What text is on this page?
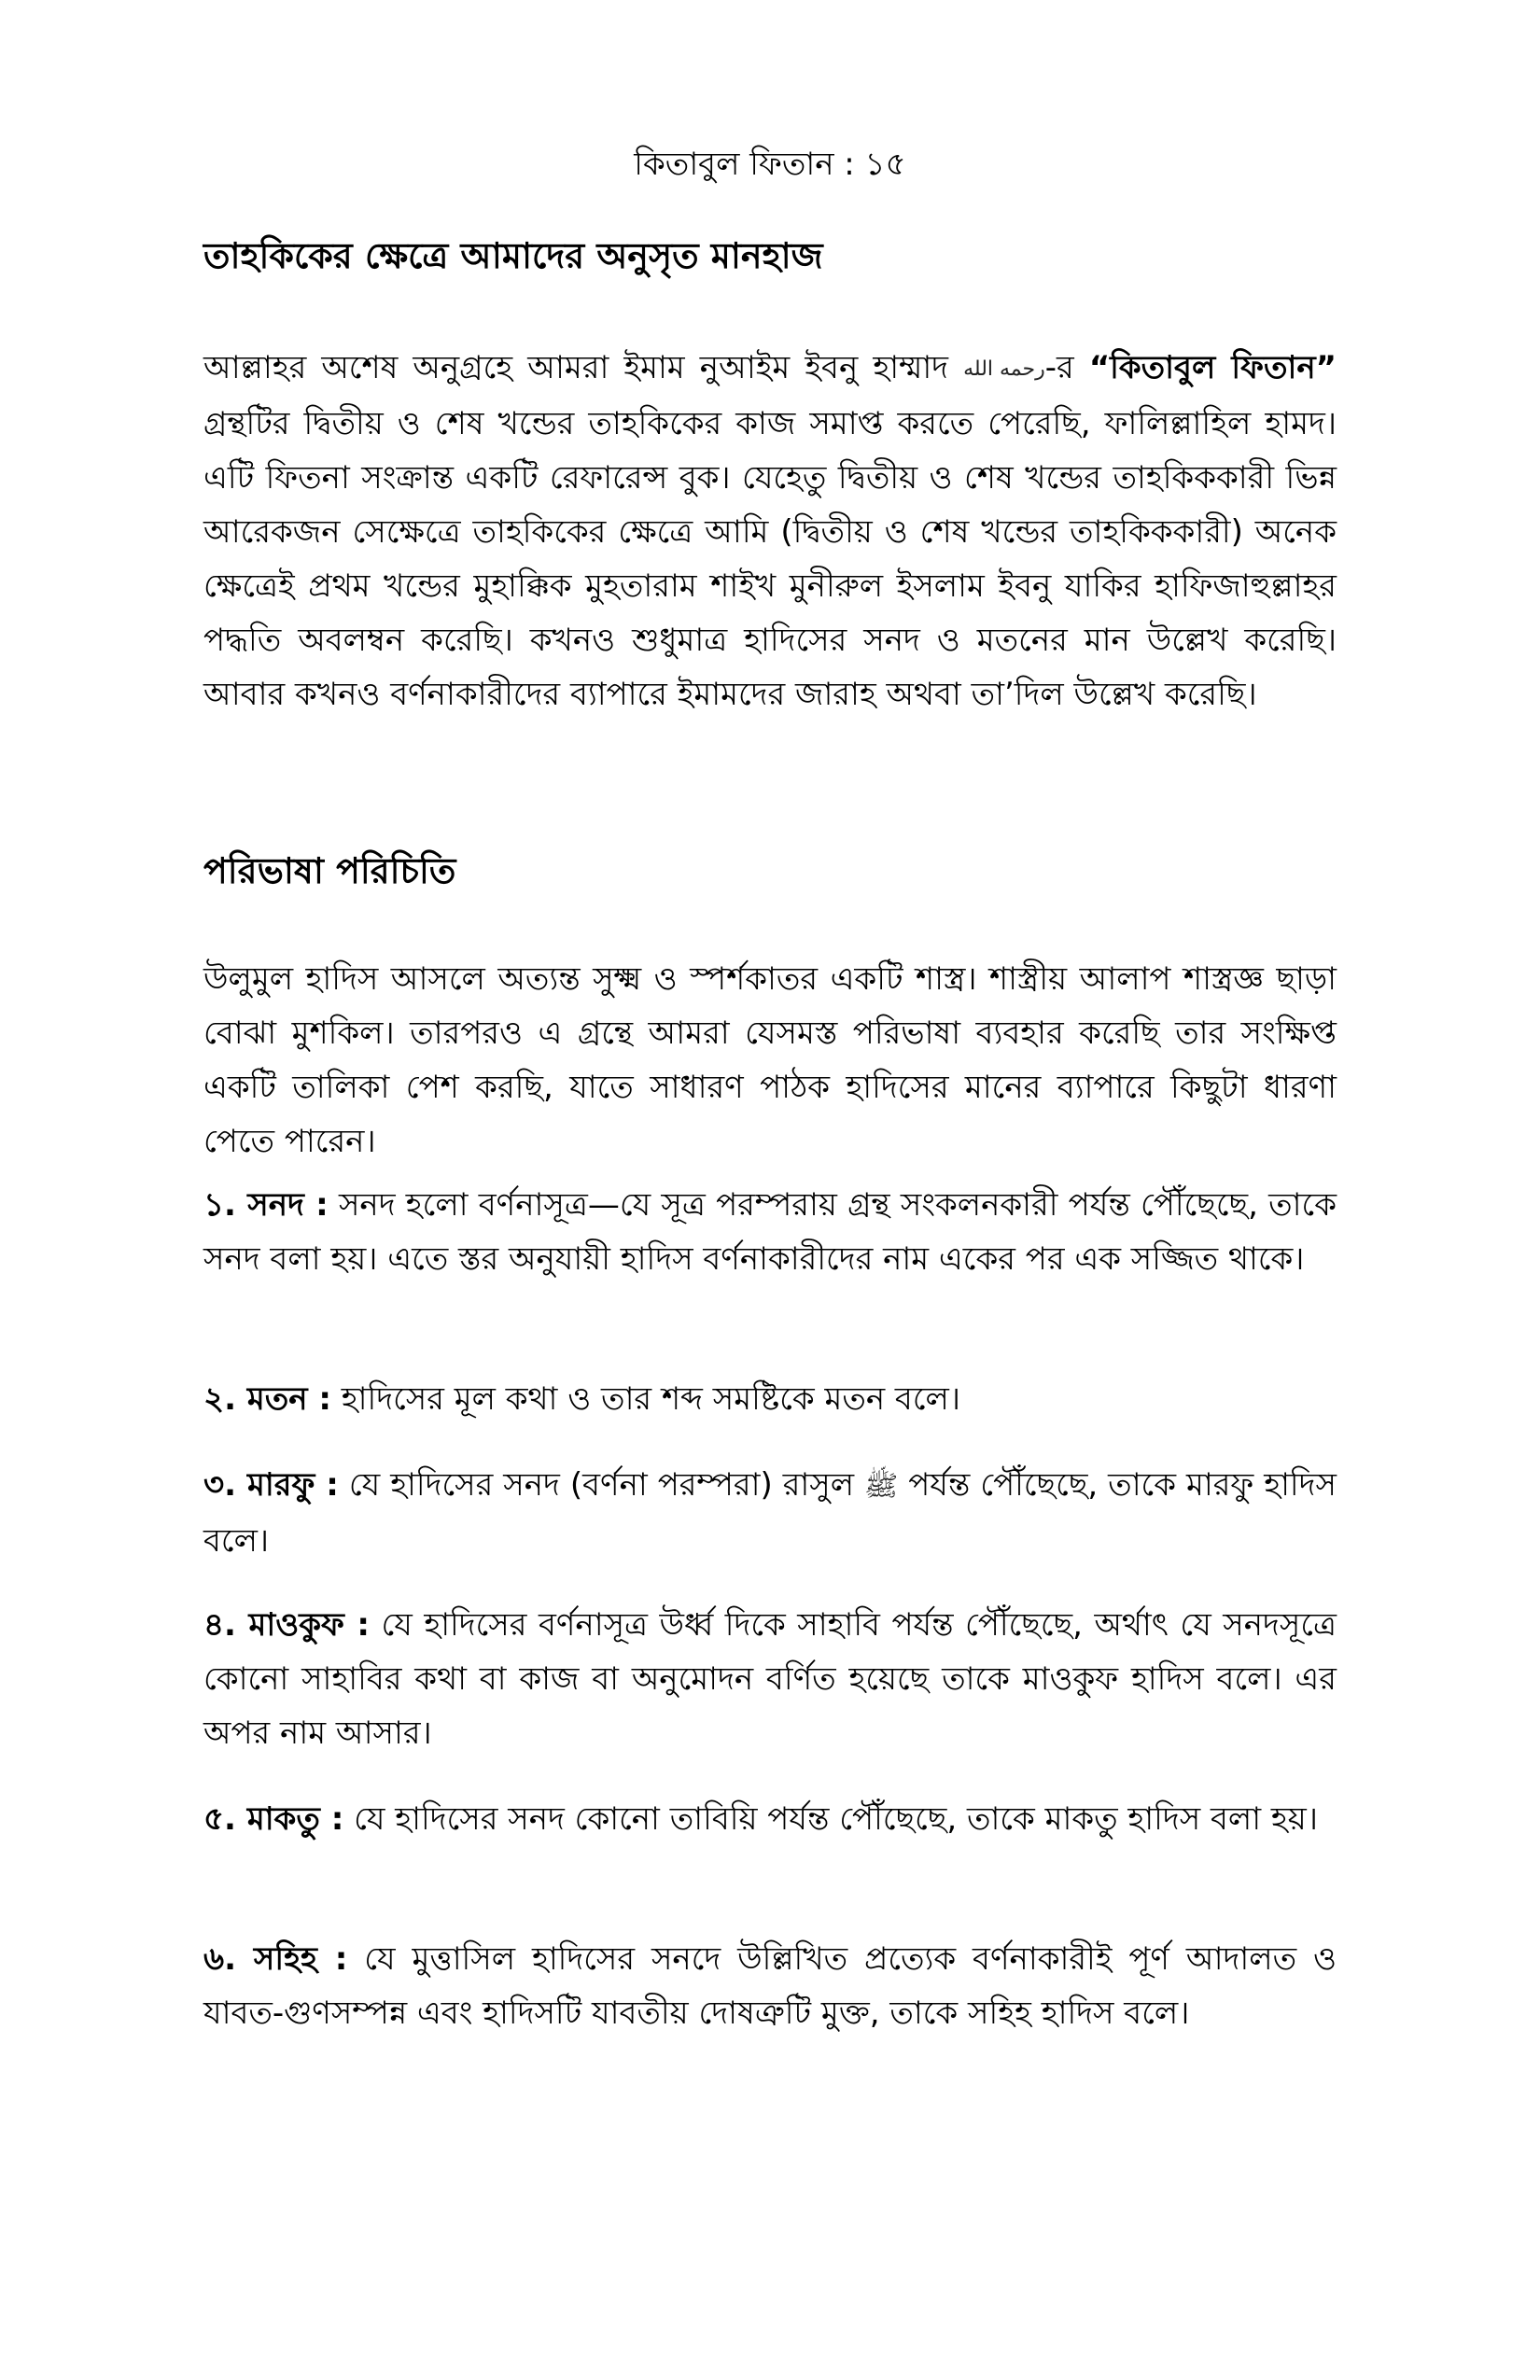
কিতাবুল ফিতান : ১৫
তাহকিকের ক্ষেত্রে আমাদের অনুসৃত মানহাজ

আল্লাহর অশেষ অনুগ্রহে আমরা ইমাম নুআইম ইবনু হাম্মাদ رحمه الله-র “কিতাবুল ফিতান” গ্রন্থটির দ্বিতীয় ও শেষ খন্ডের তাহকিকের কাজ সমাপ্ত করতে পেরেছি, ফালিল্লাহিল হামদ। এটি ফিতনা সংক্রান্ত একটি রেফারেন্স বুক। যেহেতু দ্বিতীয় ও শেষ খন্ডের তাহকিককারী ভিন্ন আরেকজন সেক্ষেত্রে তাহকিকের ক্ষেত্রে আমি (দ্বিতীয় ও শেষ খন্ডের তাহকিককারী) অনেক ক্ষেত্রেই প্রথম খন্ডের মুহাক্কিক মুহতারাম শাইখ মুনীরুল ইসলাম ইবনু যাকির হাফিজাহুল্লাহর পদ্ধতি অবলম্বন করেছি। কখনও শুধুমাত্র হাদিসের সনদ ও মতনের মান উল্লেখ করেছি। আবার কখনও বর্ণনাকারীদের ব্যাপারে ইমামদের জারাহ অথবা তা’দিল উল্লেখ করেছি।

পরিভাষা পরিচিতি

উলুমুল হাদিস আসলে অত্যন্ত সুক্ষ্ম ও স্পর্শকাতর একটি শাস্ত্র। শাস্ত্রীয় আলাপ শাস্ত্রজ্ঞ ছাড়া বোঝা মুশকিল। তারপরও এ গ্রন্থে আমরা যেসমস্ত পরিভাষা ব্যবহার করেছি তার সংক্ষিপ্ত একটি তালিকা পেশ করছি, যাতে সাধারণ পাঠক হাদিসের মানের ব্যাপারে কিছুটা ধারণা পেতে পারেন।

১. সনদ : সনদ হলো বর্ণনাসূত্র—যে সূত্র পরম্পরায় গ্রন্থ সংকলনকারী পর্যন্ত পৌঁছেছে, তাকে সনদ বলা হয়। এতে স্তর অনুযায়ী হাদিস বর্ণনাকারীদের নাম একের পর এক সজ্জিত থাকে।

২. মতন : হাদিসের মূল কথা ও তার শব্দ সমষ্টিকে মতন বলে।

৩. মারফু : যে হাদিসের সনদ (বর্ণনা পরম্পরা) রাসুল ﷺ পর্যন্ত পৌঁছেছে, তাকে মারফু হাদিস বলে।

৪. মাওকুফ : যে হাদিসের বর্ণনাসূত্র উর্ধ্ব দিকে সাহাবি পর্যন্ত পৌঁছেছে, অর্থাৎ যে সনদসূত্রে কোনো সাহাবির কথা বা কাজ বা অনুমোদন বর্ণিত হয়েছে তাকে মাওকুফ হাদিস বলে। এর অপর নাম আসার।

৫. মাকতু : যে হাদিসের সনদ কোনো তাবিয়ি পর্যন্ত পৌঁছেছে, তাকে মাকতু হাদিস বলা হয়।

৬. সহিহ : যে মুত্তাসিল হাদিসের সনদে উল্লিখিত প্রত্যেক বর্ণনাকারীই পূর্ণ আদালত ও যাবত-গুণসম্পন্ন এবং হাদিসটি যাবতীয় দোষত্রুটি মুক্ত, তাকে সহিহ হাদিস বলে।
